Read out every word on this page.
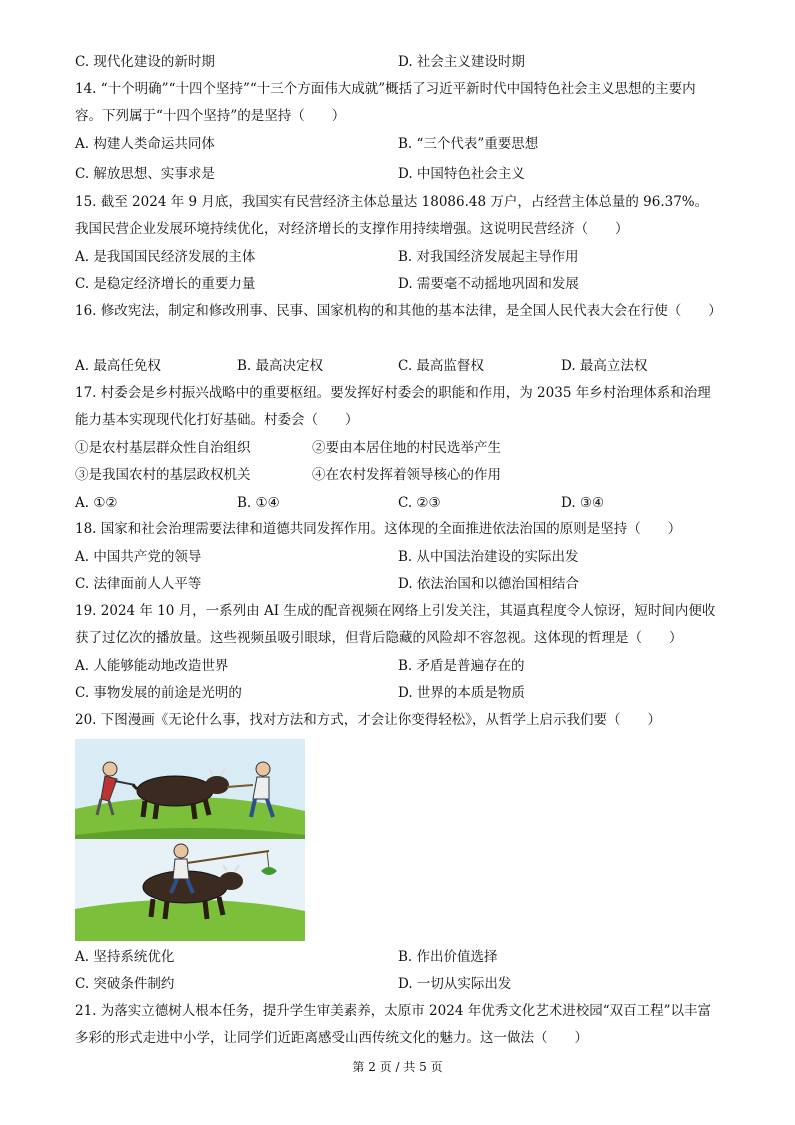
C. 现代化建设的新时期	D. 社会主义建设时期
14. “十个明确”“十四个坚持”“十三个方面伟大成就”概括了习近平新时代中国特色社会主义思想的主要内容。下列属于“十四个坚持”的是坚持（　　）
A. 构建人类命运共同体	B. “三个代表”重要思想
C. 解放思想、实事求是	D. 中国特色社会主义
15. 截至 2024 年 9 月底，我国实有民营经济主体总量达 18086.48 万户，占经营主体总量的 96.37%。我国民营企业发展环境持续优化，对经济增长的支撑作用持续增强。这说明民营经济（　　）
A. 是我国国民经济发展的主体	B. 对我国经济发展起主导作用
C. 是稳定经济增长的重要力量	D. 需要毫不动摇地巩固和发展
16. 修改宪法，制定和修改刑事、民事、国家机构的和其他的基本法律，是全国人民代表大会在行使（　　）
A. 最高任免权	B. 最高决定权	C. 最高监督权	D. 最高立法权
17. 村委会是乡村振兴战略中的重要枢纽。要发挥好村委会的职能和作用，为 2035 年乡村治理体系和治理能力基本实现现代化打好基础。村委会（　　）
①是农村基层群众性自治组织	②要由本居住地的村民选举产生
③是我国农村的基层政权机关	④在农村发挥着领导核心的作用
A. ①②	B. ①④	C. ②③	D. ③④
18. 国家和社会治理需要法律和道德共同发挥作用。这体现的全面推进依法治国的原则是坚持（　　）
A. 中国共产党的领导	B. 从中国法治建设的实际出发
C. 法律面前人人平等	D. 依法治国和以德治国相结合
19. 2024 年 10 月，一系列由 AI 生成的配音视频在网络上引发关注，其逼真程度令人惊讶，短时间内便收获了过亿次的播放量。这些视频虽吸引眼球，但背后隐藏的风险却不容忽视。这体现的哲理是（　　）
A. 人能够能动地改造世界	B. 矛盾是普遍存在的
C. 事物发展的前途是光明的	D. 世界的本质是物质
20. 下图漫画《无论什么事，找对方法和方式，才会让你变得轻松》，从哲学上启示我们要（　　）
A. 坚持系统优化	B. 作出价值选择
C. 突破条件制约	D. 一切从实际出发
21. 为落实立德树人根本任务，提升学生审美素养，太原市 2024 年优秀文化艺术进校园“双百工程”以丰富多彩的形式走进中小学，让同学们近距离感受山西传统文化的魅力。这一做法（　　）
第 2 页 / 共 5 页
